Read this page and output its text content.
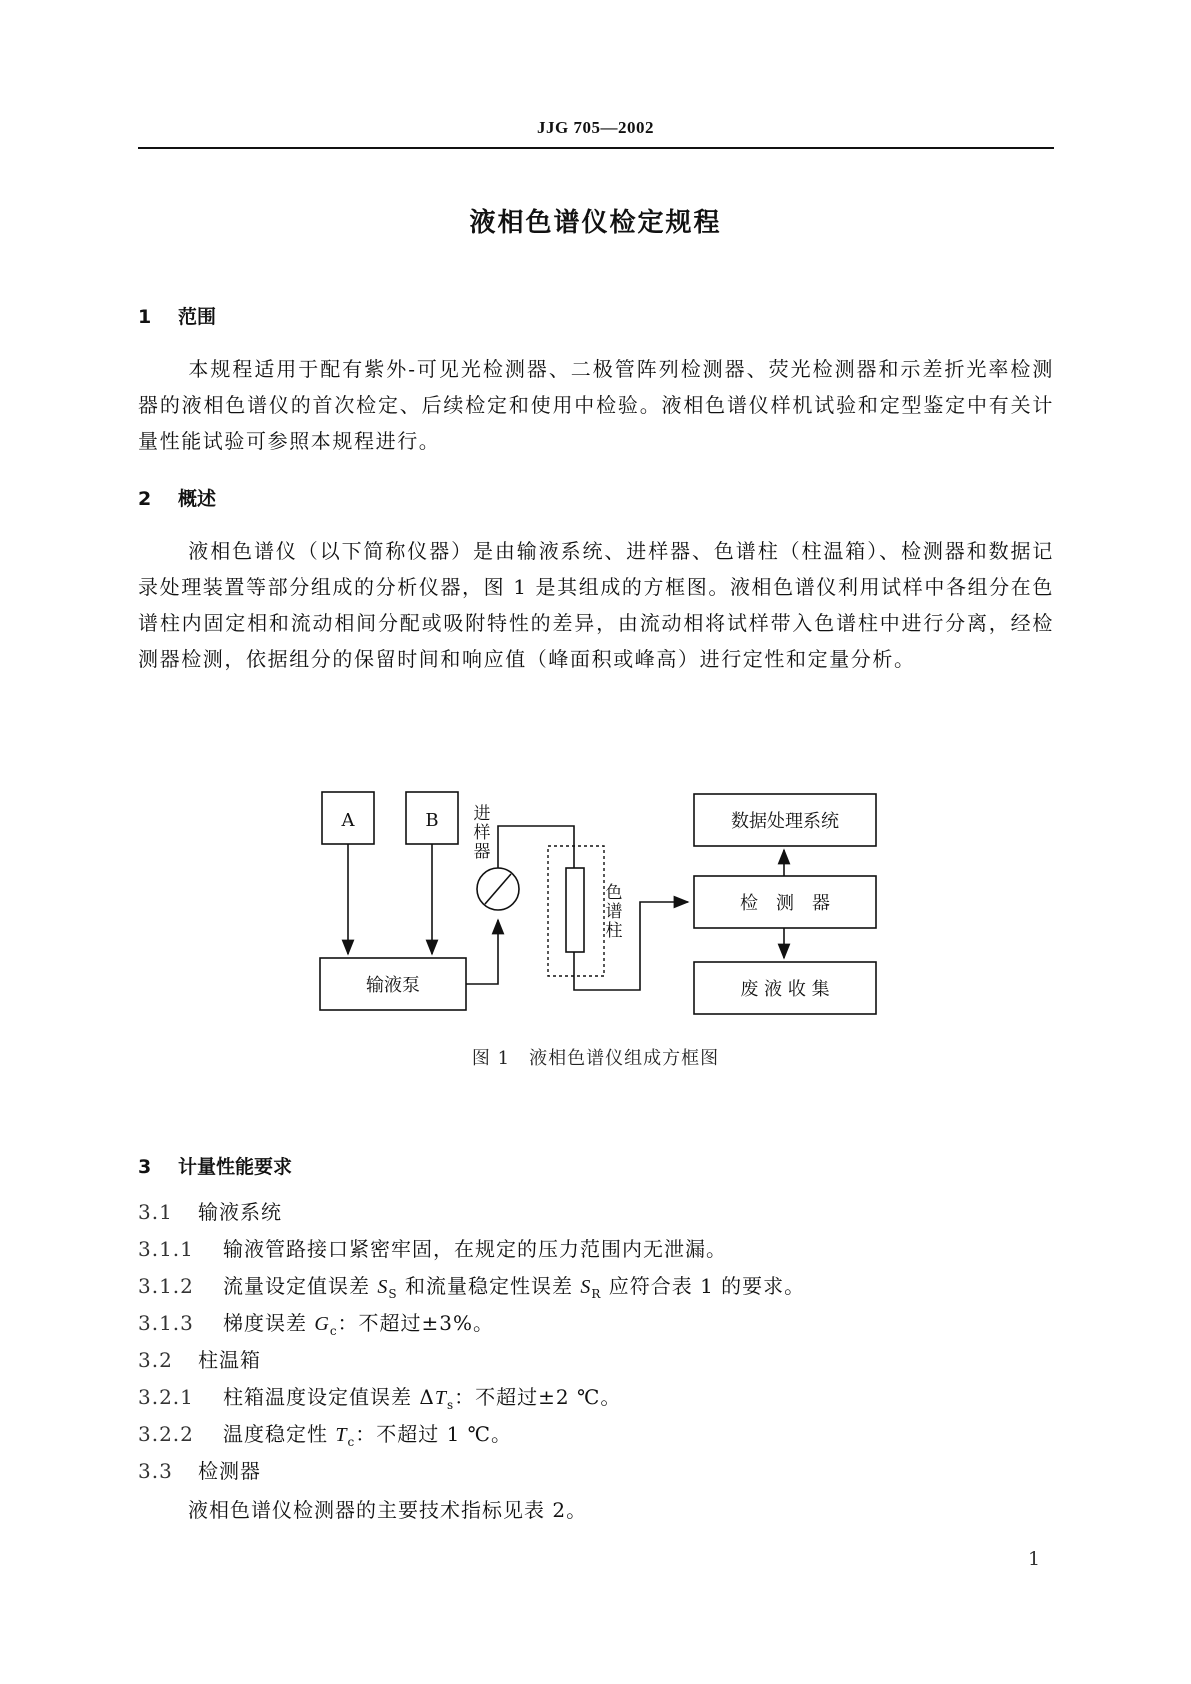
JJG 705—2002
液相色谱仪检定规程
1 范围
本规程适用于配有紫外-可见光检测器、二极管阵列检测器、荧光检测器和示差折光率检测器的液相色谱仪的首次检定、后续检定和使用中检验。液相色谱仪样机试验和定型鉴定中有关计量性能试验可参照本规程进行。
2 概述
液相色谱仪（以下简称仪器）是由输液系统、进样器、色谱柱（柱温箱）、检测器和数据记录处理装置等部分组成的分析仪器，图 1 是其组成的方框图。液相色谱仪利用试样中各组分在色谱柱内固定相和流动相间分配或吸附特性的差异，由流动相将试样带入色谱柱中进行分离，经检测器检测，依据组分的保留时间和响应值（峰面积或峰高）进行定性和定量分析。
A	B
输液泵
进
样
器
色
谱
柱
数据处理系统
检　测　器
废 液 收 集
图 1　液相色谱仪组成方框图
3 计量性能要求
3.1 输液系统
3.1.1 输液管路接口紧密牢固，在规定的压力范围内无泄漏。
3.1.2 流量设定值误差 $S_S$ 和流量稳定性误差 $S_R$ 应符合表 1 的要求。
3.1.3 梯度误差 $G_c$：不超过±3%。
3.2 柱温箱
3.2.1 柱箱温度设定值误差 $\Delta T_s$：不超过±2 ℃。
3.2.2 温度稳定性 $T_c$：不超过 1 ℃。
3.3 检测器
液相色谱仪检测器的主要技术指标见表 2。
1
